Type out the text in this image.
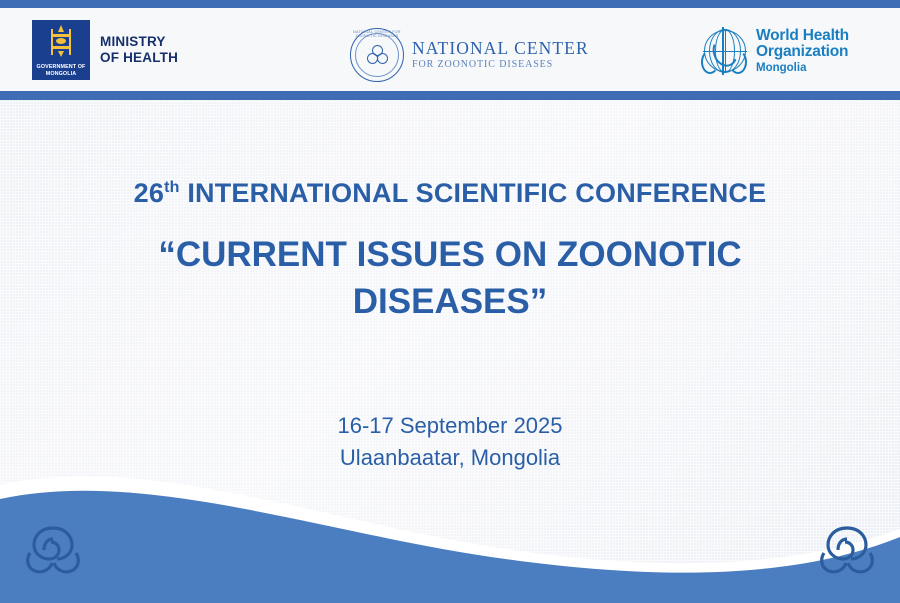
GOVERNMENT OF
MONGOLIA
MINISTRY
OF HEALTH
NATIONAL CENTER FOR ZOONOTIC DISEASES
NATIONAL CENTER
FOR ZOONOTIC DISEASES
World Health
Organization
Mongolia
26th INTERNATIONAL SCIENTIFIC CONFERENCE
“CURRENT ISSUES ON ZOONOTIC DISEASES”
16-17 September 2025
Ulaanbaatar, Mongolia
